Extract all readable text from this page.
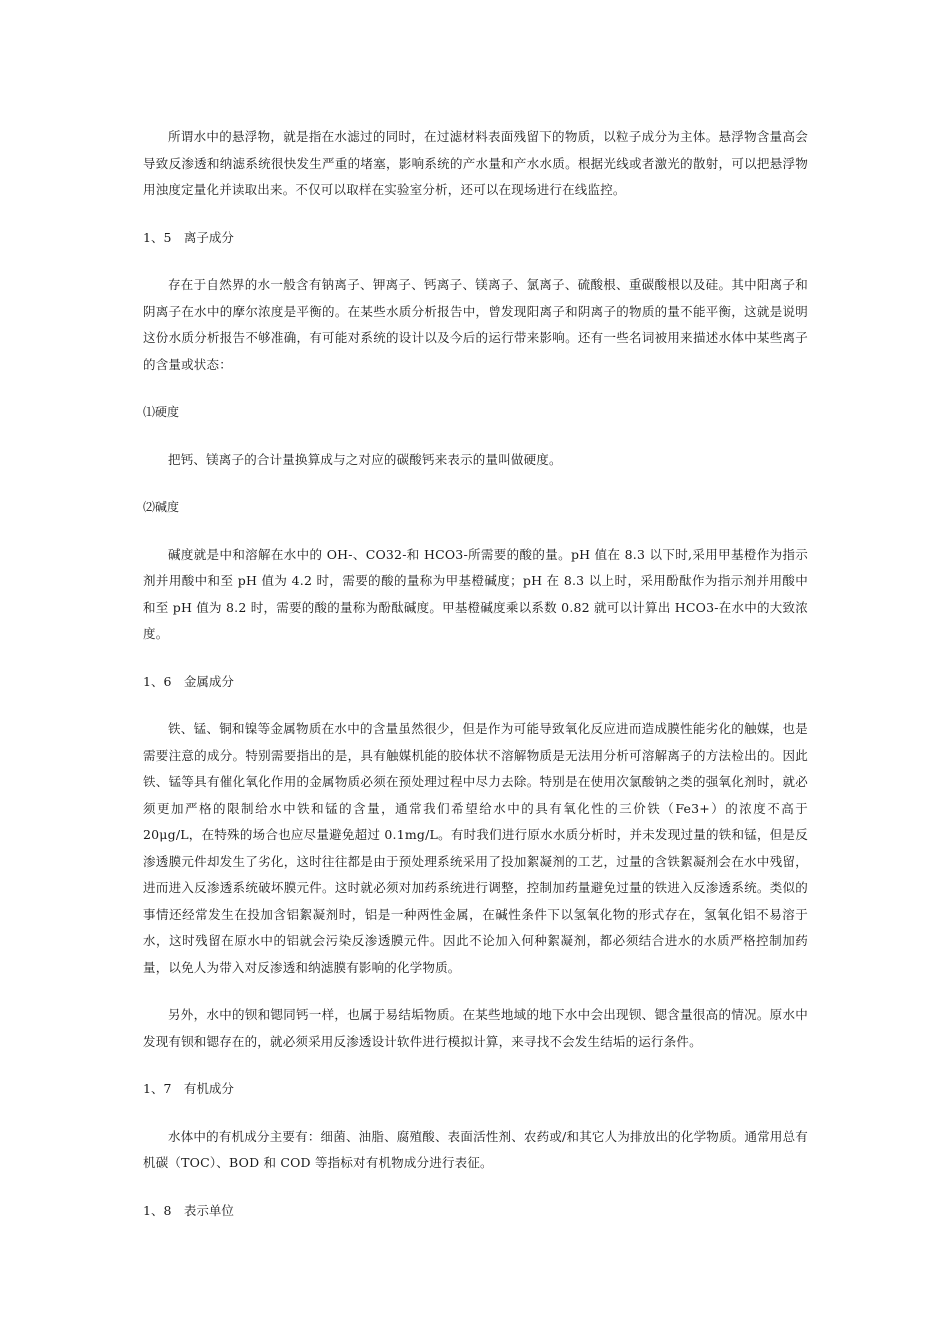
所谓水中的悬浮物，就是指在水滤过的同时，在过滤材料表面残留下的物质，以粒子成分为主体。悬浮物含量高会导致反渗透和纳滤系统很快发生严重的堵塞，影响系统的产水量和产水水质。根据光线或者激光的散射，可以把悬浮物用浊度定量化并读取出来。不仅可以取样在实验室分析，还可以在现场进行在线监控。

1、5　离子成分

存在于自然界的水一般含有钠离子、钾离子、钙离子、镁离子、氯离子、硫酸根、重碳酸根以及硅。其中阳离子和阴离子在水中的摩尔浓度是平衡的。在某些水质分析报告中，曾发现阳离子和阴离子的物质的量不能平衡，这就是说明这份水质分析报告不够准确，有可能对系统的设计以及今后的运行带来影响。还有一些名词被用来描述水体中某些离子的含量或状态：

⑴硬度

把钙、镁离子的合计量换算成与之对应的碳酸钙来表示的量叫做硬度。

⑵碱度

碱度就是中和溶解在水中的 OH-、CO32-和 HCO3-所需要的酸的量。pH 值在 8.3 以下时,采用甲基橙作为指示剂并用酸中和至 pH 值为 4.2 时，需要的酸的量称为甲基橙碱度；pH 在 8.3 以上时，采用酚酞作为指示剂并用酸中和至 pH 值为 8.2 时，需要的酸的量称为酚酞碱度。甲基橙碱度乘以系数 0.82 就可以计算出 HCO3-在水中的大致浓度。

1、6　金属成分

铁、锰、铜和镍等金属物质在水中的含量虽然很少，但是作为可能导致氧化反应进而造成膜性能劣化的触媒，也是需要注意的成分。特别需要指出的是，具有触媒机能的胶体状不溶解物质是无法用分析可溶解离子的方法检出的。因此铁、锰等具有催化氧化作用的金属物质必须在预处理过程中尽力去除。特别是在使用次氯酸钠之类的强氧化剂时，就必须更加严格的限制给水中铁和锰的含量，通常我们希望给水中的具有氧化性的三价铁（Fe3+）的浓度不高于 20μg/L，在特殊的场合也应尽量避免超过 0.1mg/L。有时我们进行原水水质分析时，并未发现过量的铁和锰，但是反渗透膜元件却发生了劣化，这时往往都是由于预处理系统采用了投加絮凝剂的工艺，过量的含铁絮凝剂会在水中残留，进而进入反渗透系统破坏膜元件。这时就必须对加药系统进行调整，控制加药量避免过量的铁进入反渗透系统。类似的事情还经常发生在投加含铝絮凝剂时，铝是一种两性金属，在碱性条件下以氢氧化物的形式存在，氢氧化铝不易溶于水，这时残留在原水中的铝就会污染反渗透膜元件。因此不论加入何种絮凝剂，都必须结合进水的水质严格控制加药量，以免人为带入对反渗透和纳滤膜有影响的化学物质。

另外，水中的钡和锶同钙一样，也属于易结垢物质。在某些地域的地下水中会出现钡、锶含量很高的情况。原水中发现有钡和锶存在的，就必须采用反渗透设计软件进行模拟计算，来寻找不会发生结垢的运行条件。

1、7　有机成分

水体中的有机成分主要有：细菌、油脂、腐殖酸、表面活性剂、农药或/和其它人为排放出的化学物质。通常用总有机碳（TOC）、BOD 和 COD 等指标对有机物成分进行表征。

1、8　表示单位
